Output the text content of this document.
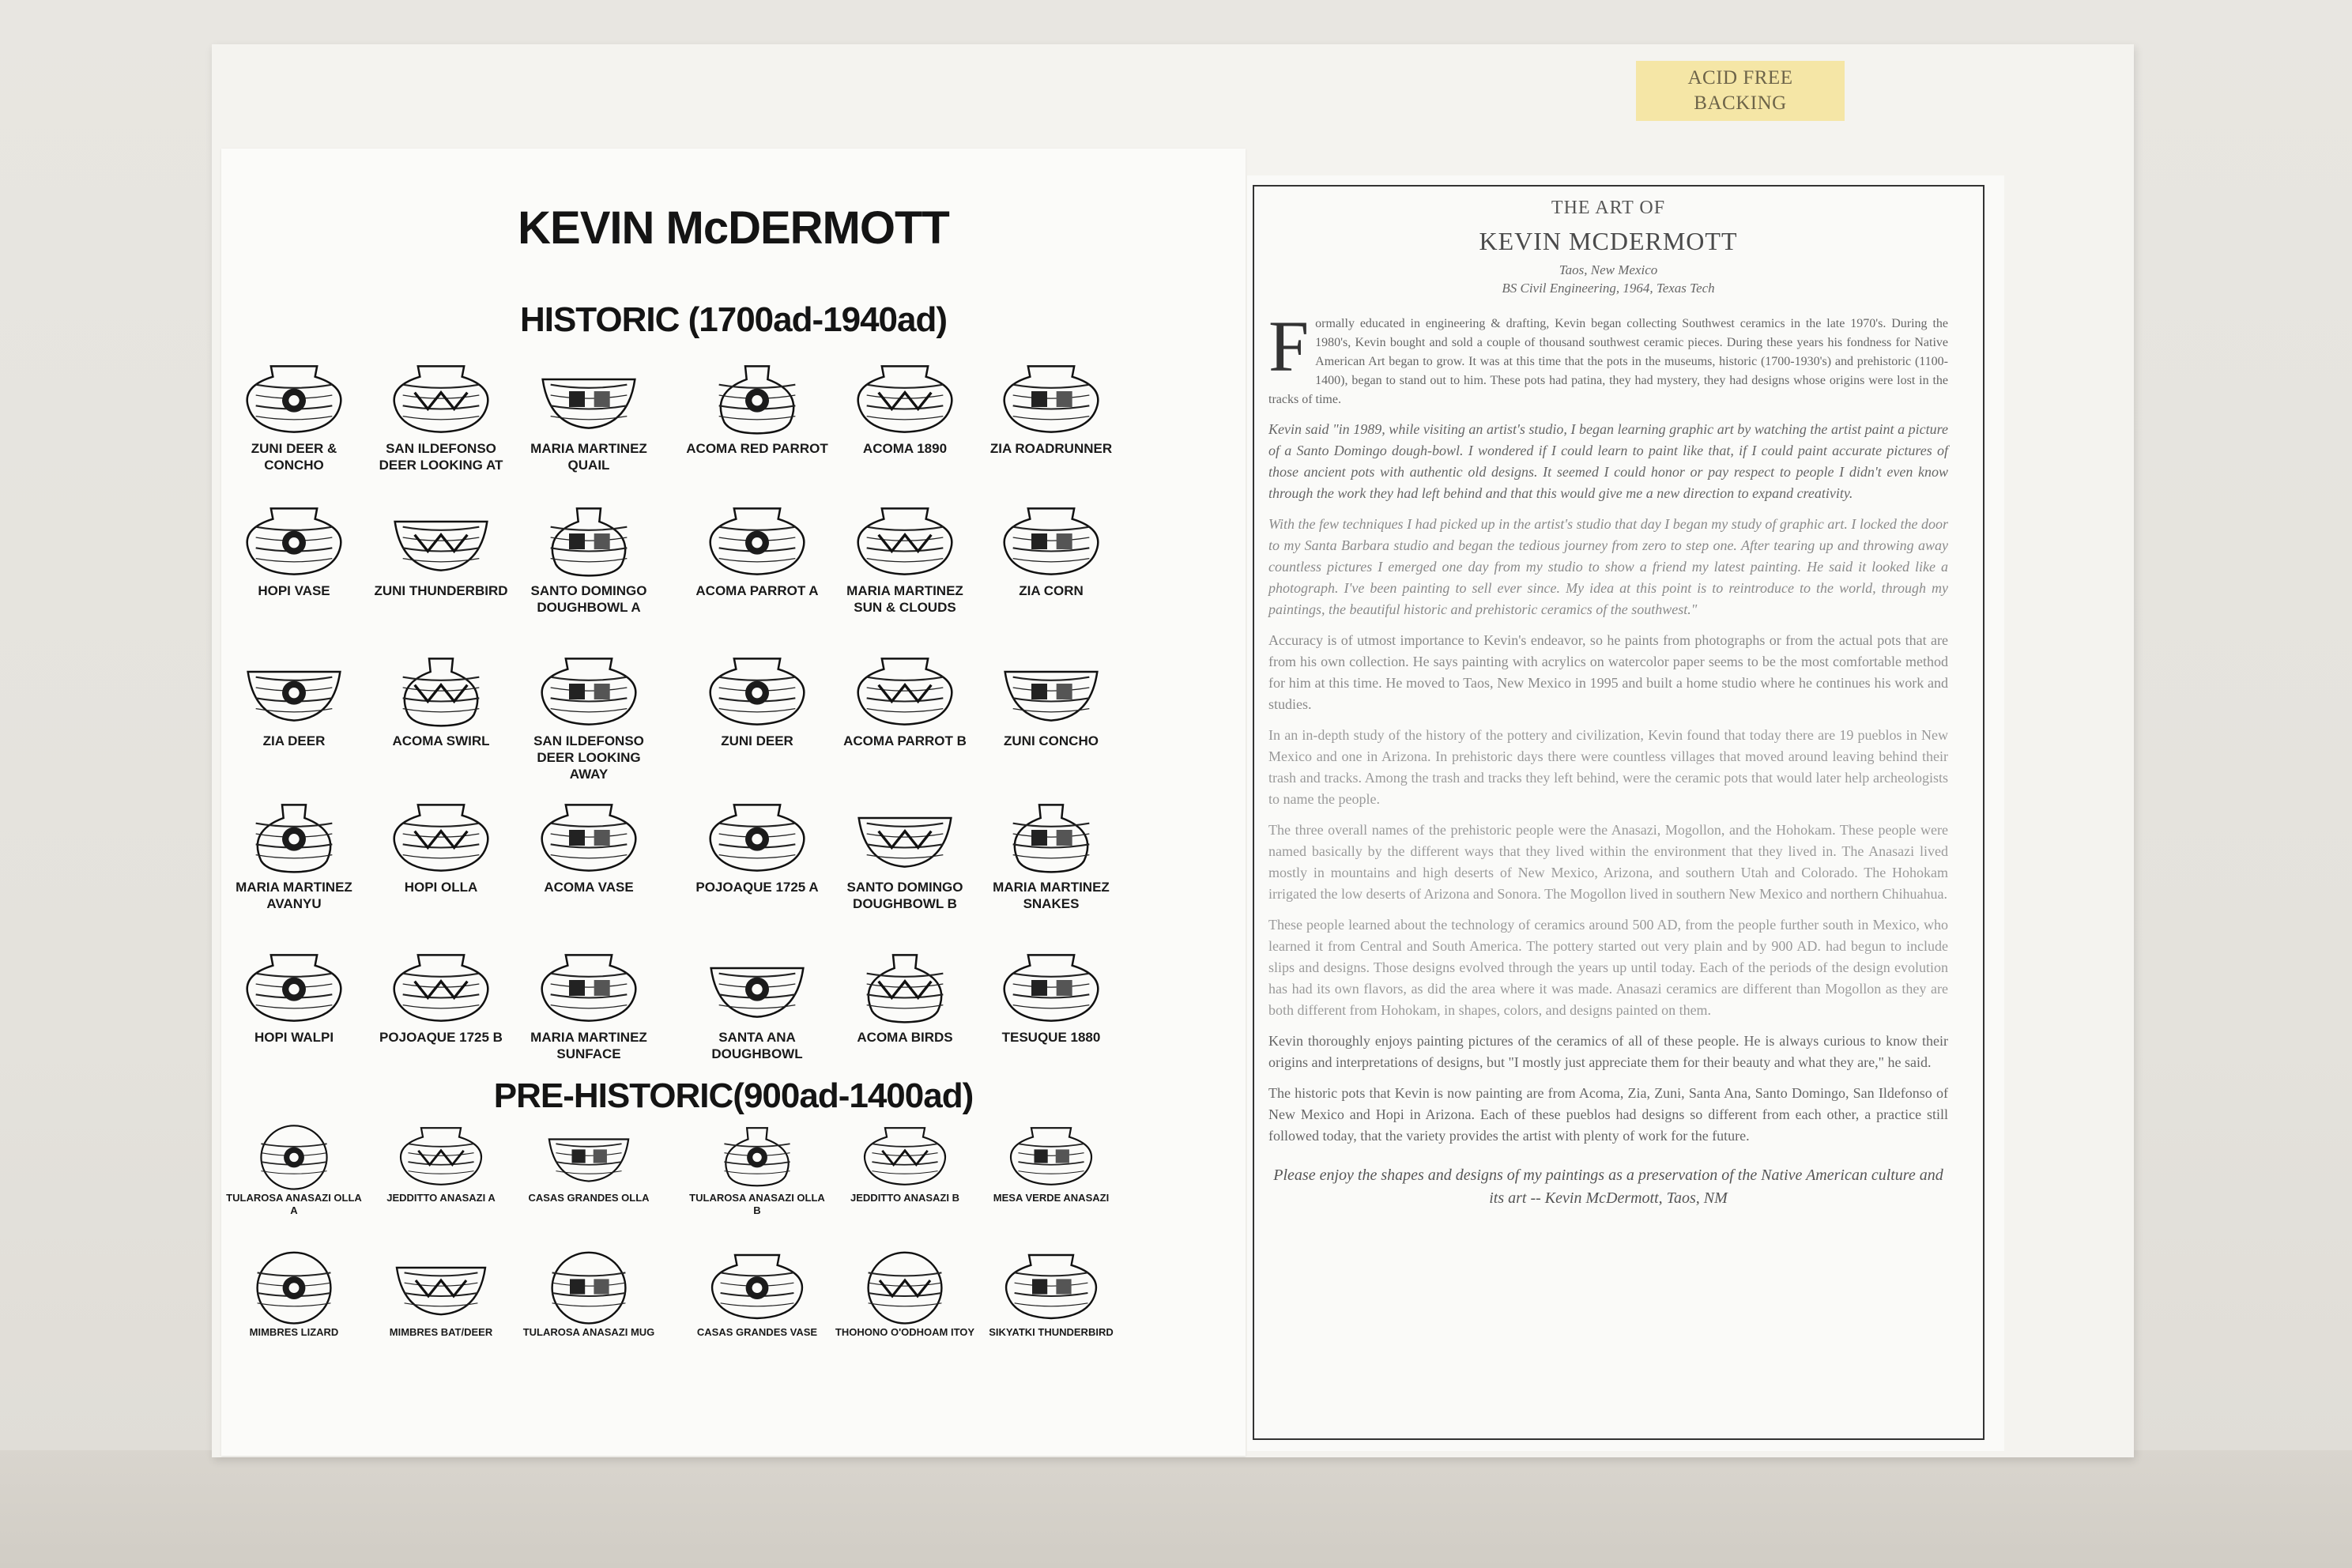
ACID FREE
BACKING
KEVIN McDERMOTT
HISTORIC (1700ad-1940ad)
PRE-HISTORIC(900ad-1400ad)
ZUNI DEER & CONCHO
SAN ILDEFONSO DEER LOOKING AT
MARIA MARTINEZ QUAIL
ACOMA RED PARROT	ACOMA 1890	ZIA ROADRUNNER
HOPI VASE	ZUNI THUNDERBIRD	SANTO DOMINGO DOUGHBOWL A
ACOMA PARROT A	MARIA MARTINEZ SUN & CLOUDS
ZIA CORN
ZIA DEER	ACOMA SWIRL	SAN ILDEFONSO DEER LOOKING AWAY
ZUNI DEER	ACOMA PARROT B	ZUNI CONCHO
MARIA MARTINEZ AVANYU
HOPI OLLA	ACOMA VASE	POJOAQUE 1725 A	SANTO DOMINGO DOUGHBOWL B
MARIA MARTINEZ SNAKES
HOPI WALPI	POJOAQUE 1725 B	MARIA MARTINEZ SUNFACE
SANTA ANA DOUGHBOWL
ACOMA BIRDS	TESUQUE 1880
TULAROSA ANASAZI OLLA A
JEDDITTO ANASAZI A	CASAS GRANDES OLLA	TULAROSA ANASAZI OLLA B
JEDDITTO ANASAZI B	MESA VERDE ANASAZI
MIMBRES LIZARD	MIMBRES BAT/DEER	TULAROSA ANASAZI MUG	CASAS GRANDES VASE	THOHONO O'ODHOAM ITOY	SIKYATKI THUNDERBIRD
THE ART OF
KEVIN MCDERMOTT
Taos, New Mexico
BS Civil Engineering, 1964, Texas Tech

Formally educated in engineering & drafting, Kevin began collecting Southwest ceramics in the late 1970's. During the 1980's, Kevin bought and sold a couple of thousand southwest ceramic pieces. During these years his fondness for Native American Art began to grow. It was at this time that the pots in the museums, historic (1700-1930's) and prehistoric (1100-1400), began to stand out to him. These pots had patina, they had mystery, they had designs whose origins were lost in the tracks of time.

Kevin said "in 1989, while visiting an artist's studio, I began learning graphic art by watching the artist paint a picture of a Santo Domingo dough-bowl. I wondered if I could learn to paint like that, if I could paint accurate pictures of those ancient pots with authentic old designs. It seemed I could honor or pay respect to people I didn't even know through the work they had left behind and that this would give me a new direction to expand creativity.

With the few techniques I had picked up in the artist's studio that day I began my study of graphic art. I locked the door to my Santa Barbara studio and began the tedious journey from zero to step one. After tearing up and throwing away countless pictures I emerged one day from my studio to show a friend my latest painting. He said it looked like a photograph. I've been painting to sell ever since. My idea at this point is to reintroduce to the world, through my paintings, the beautiful historic and prehistoric ceramics of the southwest."

Accuracy is of utmost importance to Kevin's endeavor, so he paints from photographs or from the actual pots that are from his own collection. He says painting with acrylics on watercolor paper seems to be the most comfortable method for him at this time. He moved to Taos, New Mexico in 1995 and built a home studio where he continues his work and studies.

In an in-depth study of the history of the pottery and civilization, Kevin found that today there are 19 pueblos in New Mexico and one in Arizona. In prehistoric days there were countless villages that moved around leaving behind their trash and tracks. Among the trash and tracks they left behind, were the ceramic pots that would later help archeologists to name the people.

The three overall names of the prehistoric people were the Anasazi, Mogollon, and the Hohokam. These people were named basically by the different ways that they lived within the environment that they lived in. The Anasazi lived mostly in mountains and high deserts of New Mexico, Arizona, and southern Utah and Colorado. The Hohokam irrigated the low deserts of Arizona and Sonora. The Mogollon lived in southern New Mexico and northern Chihuahua.

These people learned about the technology of ceramics around 500 AD, from the people further south in Mexico, who learned it from Central and South America. The pottery started out very plain and by 900 AD. had begun to include slips and designs. Those designs evolved through the years up until today. Each of the periods of the design evolution has had its own flavors, as did the area where it was made. Anasazi ceramics are different than Mogollon as they are both different from Hohokam, in shapes, colors, and designs painted on them.

Kevin thoroughly enjoys painting pictures of the ceramics of all of these people. He is always curious to know their origins and interpretations of designs, but "I mostly just appreciate them for their beauty and what they are," he said.

The historic pots that Kevin is now painting are from Acoma, Zia, Zuni, Santa Ana, Santo Domingo, San Ildefonso of New Mexico and Hopi in Arizona. Each of these pueblos had designs so different from each other, a practice still followed today, that the variety provides the artist with plenty of work for the future.

Please enjoy the shapes and designs of my paintings as a preservation of the Native American culture and its art -- Kevin McDermott, Taos, NM
